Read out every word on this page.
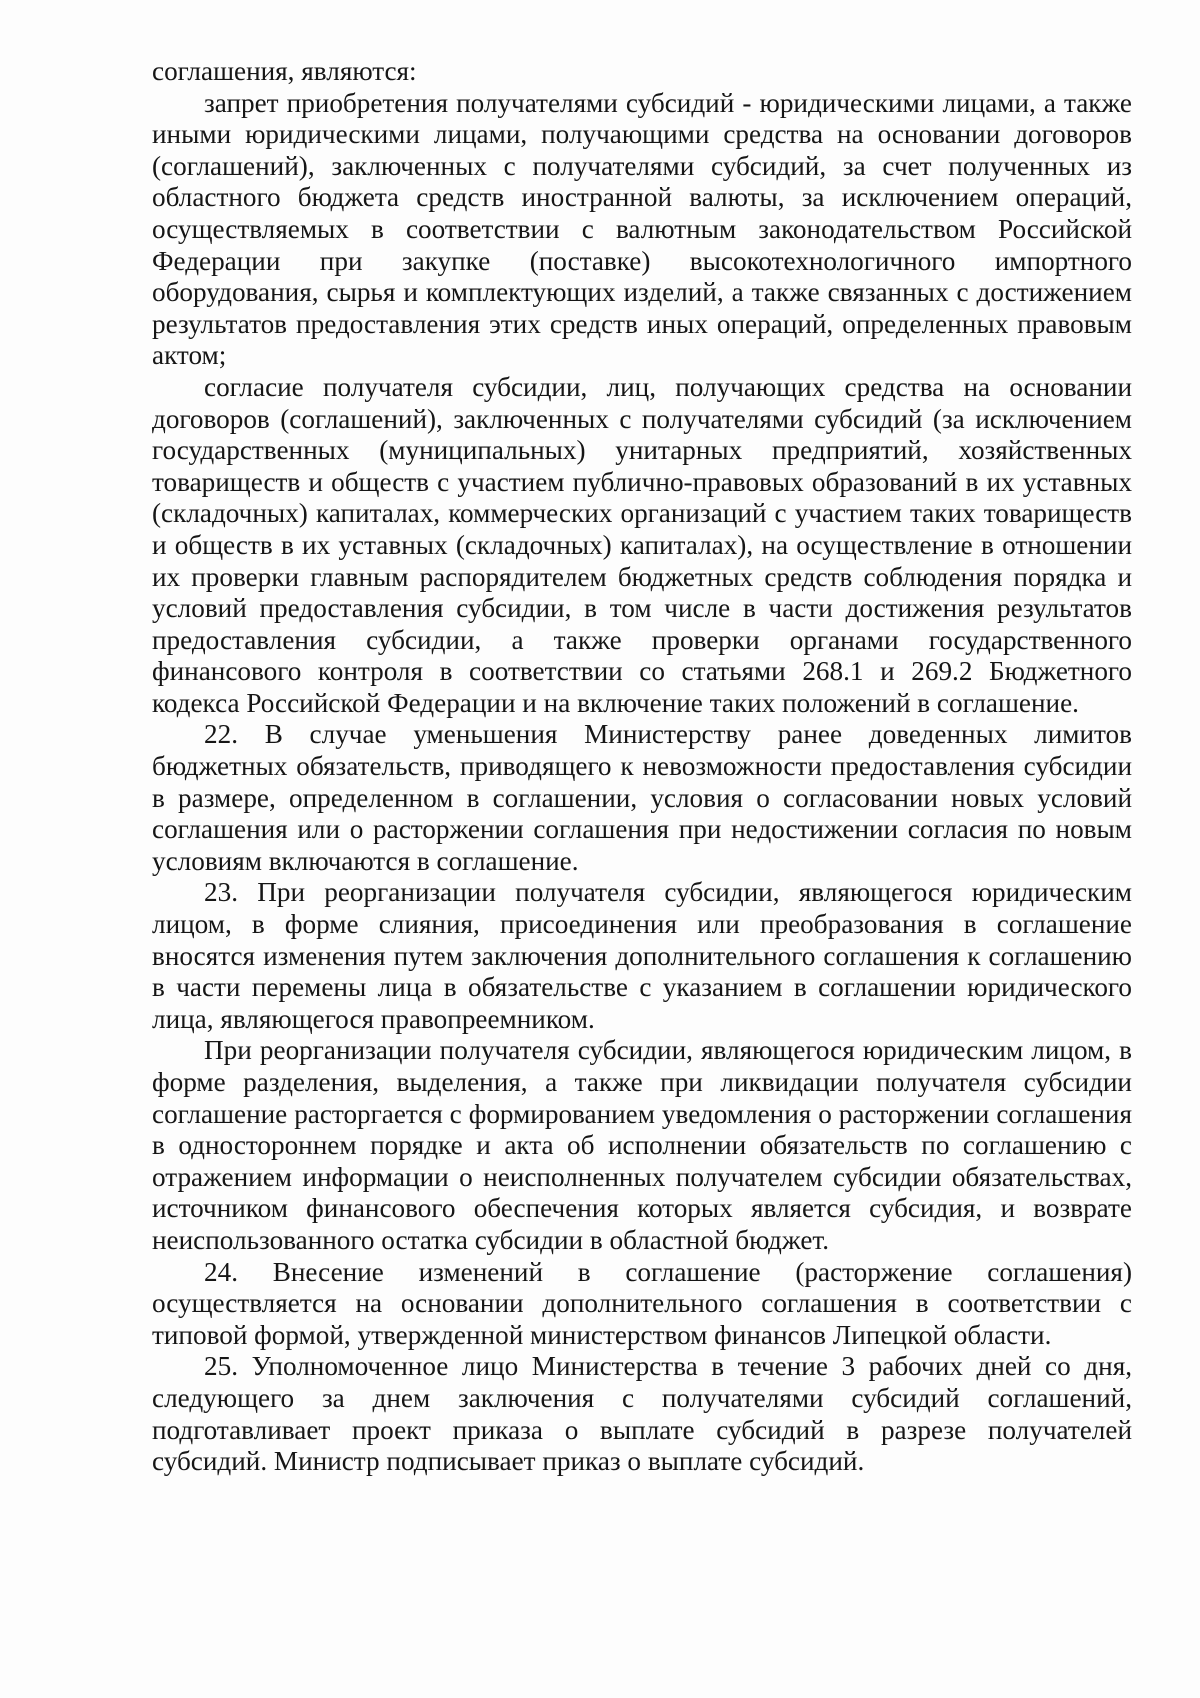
соглашения, являются:

запрет приобретения получателями субсидий - юридическими лицами, а также иными юридическими лицами, получающими средства на основании договоров (соглашений), заключенных с получателями субсидий, за счет полученных из областного бюджета средств иностранной валюты, за исключением операций, осуществляемых в соответствии с валютным законодательством Российской Федерации при закупке (поставке) высокотехнологичного импортного оборудования, сырья и комплектующих изделий, а также связанных с достижением результатов предоставления этих средств иных операций, определенных правовым актом;

согласие получателя субсидии, лиц, получающих средства на основании договоров (соглашений), заключенных с получателями субсидий (за исключением государственных (муниципальных) унитарных предприятий, хозяйственных товариществ и обществ с участием публично-правовых образований в их уставных (складочных) капиталах, коммерческих организаций с участием таких товариществ и обществ в их уставных (складочных) капиталах), на осуществление в отношении их проверки главным распорядителем бюджетных средств соблюдения порядка и условий предоставления субсидии, в том числе в части достижения результатов предоставления субсидии, а также проверки органами государственного финансового контроля в соответствии со статьями 268.1 и 269.2 Бюджетного кодекса Российской Федерации и на включение таких положений в соглашение.

22. В случае уменьшения Министерству ранее доведенных лимитов бюджетных обязательств, приводящего к невозможности предоставления субсидии в размере, определенном в соглашении, условия о согласовании новых условий соглашения или о расторжении соглашения при недостижении согласия по новым условиям включаются в соглашение.

23. При реорганизации получателя субсидии, являющегося юридическим лицом, в форме слияния, присоединения или преобразования в соглашение вносятся изменения путем заключения дополнительного соглашения к соглашению в части перемены лица в обязательстве с указанием в соглашении юридического лица, являющегося правопреемником.

При реорганизации получателя субсидии, являющегося юридическим лицом, в форме разделения, выделения, а также при ликвидации получателя субсидии соглашение расторгается с формированием уведомления о расторжении соглашения в одностороннем порядке и акта об исполнении обязательств по соглашению с отражением информации о неисполненных получателем субсидии обязательствах, источником финансового обеспечения которых является субсидия, и возврате неиспользованного остатка субсидии в областной бюджет.

24. Внесение изменений в соглашение (расторжение соглашения) осуществляется на основании дополнительного соглашения в соответствии с типовой формой, утвержденной министерством финансов Липецкой области.

25. Уполномоченное лицо Министерства в течение 3 рабочих дней со дня, следующего за днем заключения с получателями субсидий соглашений, подготавливает проект приказа о выплате субсидий в разрезе получателей субсидий. Министр подписывает приказ о выплате субсидий.
